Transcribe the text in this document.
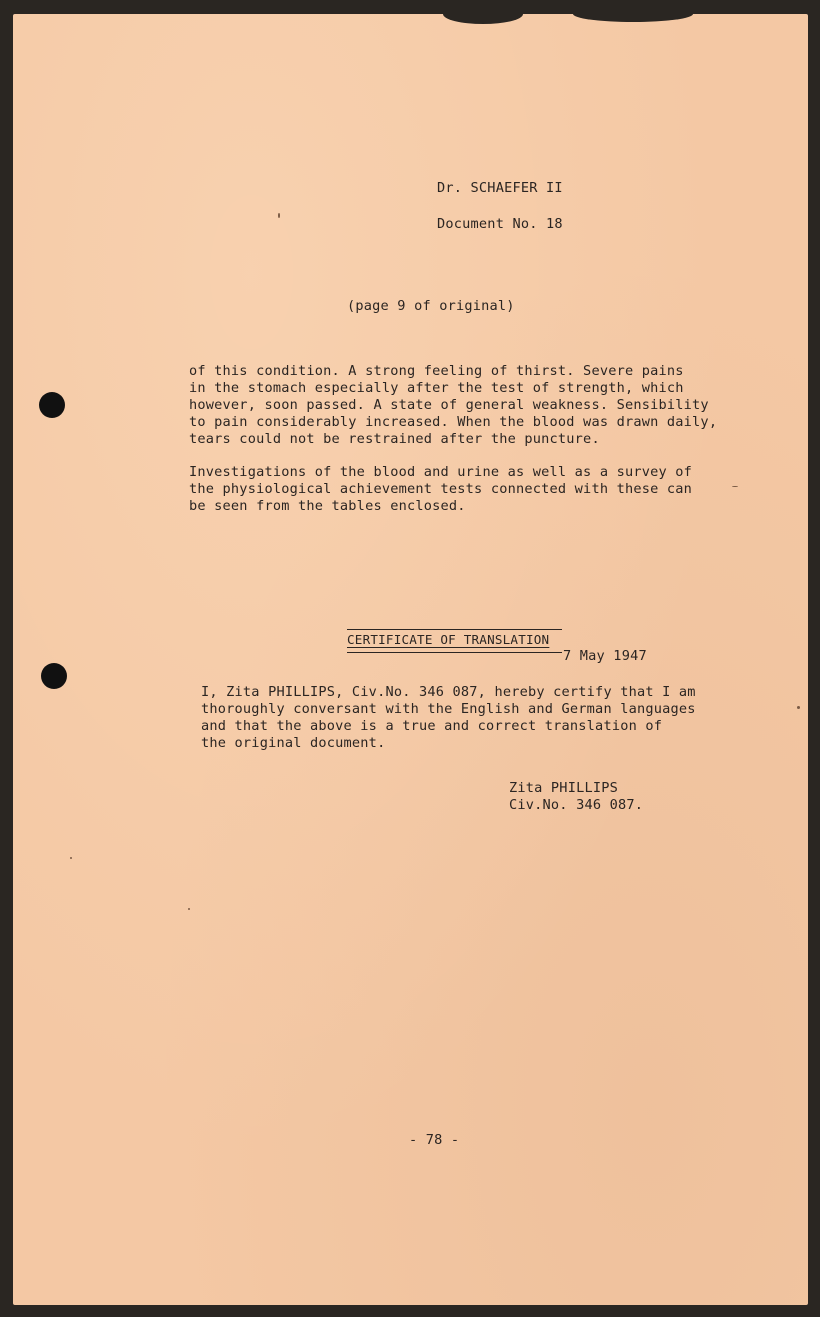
Dr. SCHAEFER II

Document No. 18

(page 9 of original)

of this condition. A strong feeling of thirst. Severe pains

in the stomach especially after the test of strength, which

however, soon passed. A state of general weakness. Sensibility

to pain considerably increased. When the blood was drawn daily,

tears could not be restrained after the puncture.

Investigations of the blood and urine as well as a survey of

the physiological achievement tests connected with these can

be seen from the tables enclosed.

CERTIFICATE OF TRANSLATION

7 May 1947

I, Zita PHILLIPS, Civ.No. 346 087, hereby certify that I am

thoroughly conversant with the English and German languages

and that the above is a true and correct translation of

the original document.

Zita PHILLIPS

Civ.No. 346 087.

- 78 -
